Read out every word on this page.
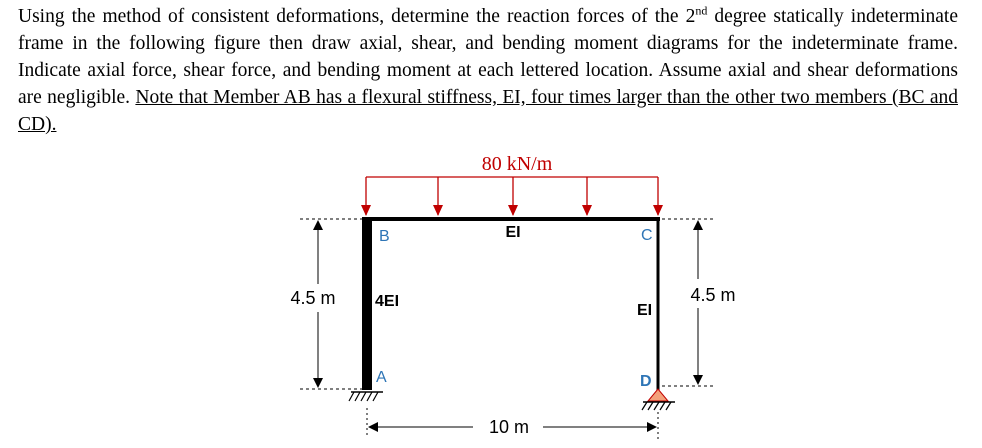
Using the method of consistent deformations, determine the reaction forces of the 2nd degree statically indeterminate frame in the following figure then draw axial, shear, and bending moment diagrams for the indeterminate frame. Indicate axial force, shear force, and bending moment at each lettered location. Assume axial and shear deformations are negligible. Note that Member AB has a flexural stiffness, EI, four times larger than the other two members (BC and CD).
80 kN/m
B	C
A	D
EI
4EI
EI
4.5 m	4.5 m
10 m
